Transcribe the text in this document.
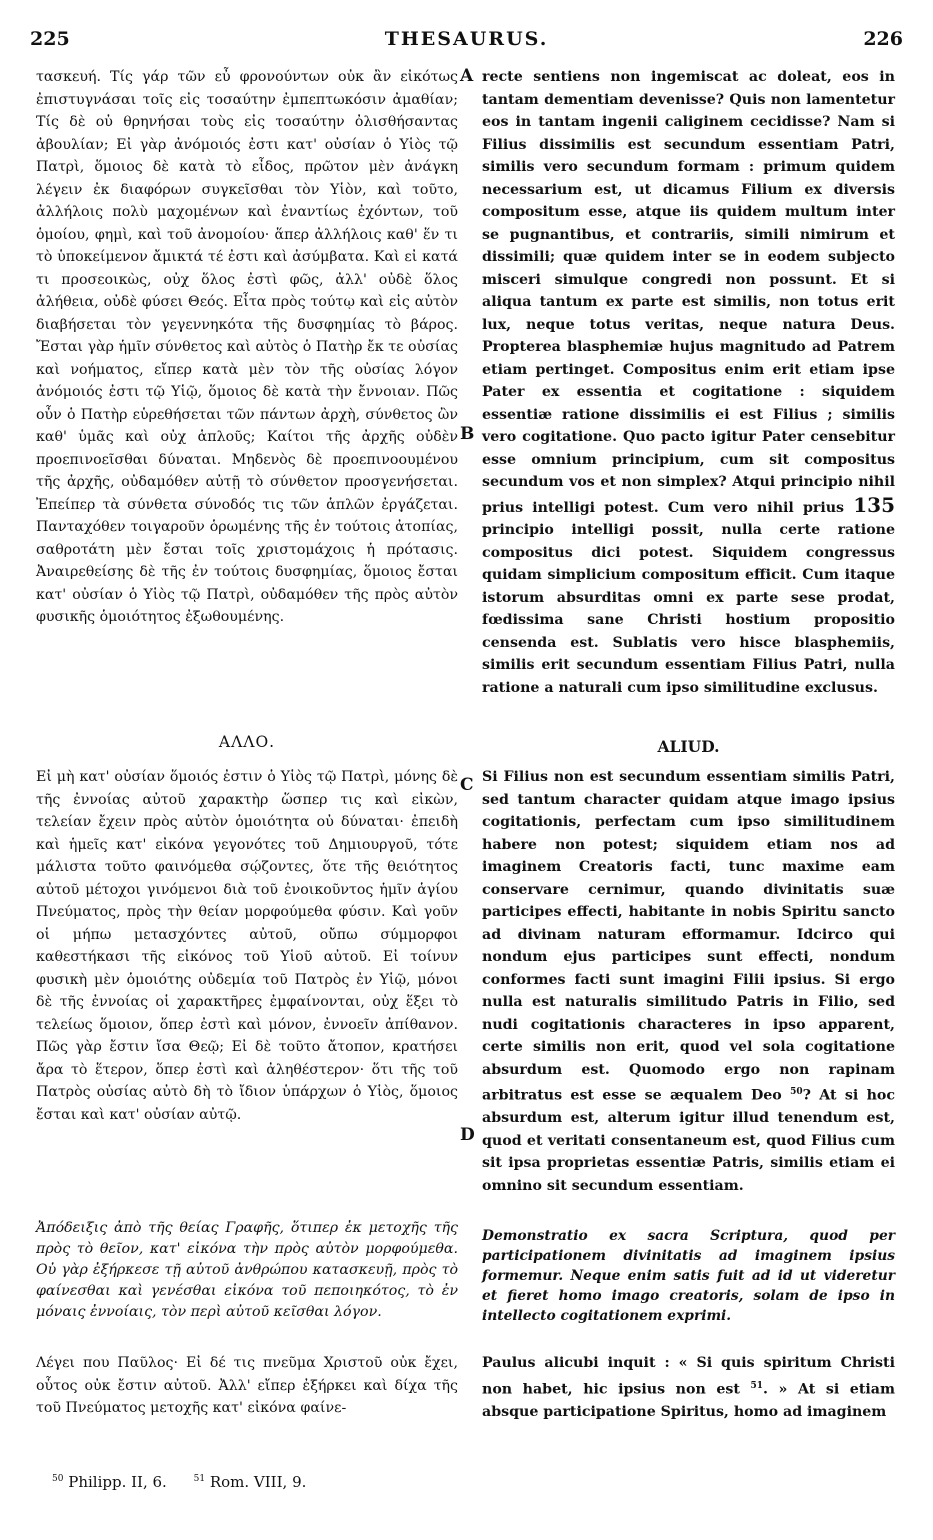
225	THESAURUS.	226
A
B
C
D

τασκευή. Τίς γάρ τῶν εὖ φρονούντων οὐκ ἂν εἰκότως ἐπιστυγνάσαι τοῖς εἰς τοσαύτην ἐμπεπτωκόσιν ἀμαθίαν; Τίς δὲ οὐ θρηνήσαι τοὺς εἰς τοσαύτην ὀλισθήσαντας ἀβουλίαν; Εἰ γὰρ ἀνόμοιός ἐστι κατ' οὐσίαν ὁ Υἱὸς τῷ Πατρὶ, ὅμοιος δὲ κατὰ τὸ εἶδος, πρῶτον μὲν ἀνάγκη λέγειν ἐκ διαφόρων συγκεῖσθαι τὸν Υἱὸν, καὶ τοῦτο, ἀλλήλοις πολὺ μαχομένων καὶ ἐναντίως ἐχόντων, τοῦ ὁμοίου, φημὶ, καὶ τοῦ ἀνομοίου· ἅπερ ἀλλήλοις καθ' ἕν τι τὸ ὑποκείμενον ἄμικτά τέ ἐστι καὶ ἀσύμβατα. Καὶ εἰ κατά τι προσεοικὼς, οὐχ ὅλος ἐστὶ φῶς, ἀλλ' οὐδὲ ὅλος ἀλήθεια, οὐδὲ φύσει Θεός. Εἶτα πρὸς τούτῳ καὶ εἰς αὐτὸν διαβήσεται τὸν γεγεννηκότα τῆς δυσφημίας τὸ βάρος. Ἔσται γὰρ ἡμῖν σύνθετος καὶ αὐτὸς ὁ Πατὴρ ἔκ τε οὐσίας καὶ νοήματος, εἴπερ κατὰ μὲν τὸν τῆς οὐσίας λόγον ἀνόμοιός ἐστι τῷ Υἱῷ, ὅμοιος δὲ κατὰ τὴν ἔννοιαν. Πῶς οὖν ὁ Πατὴρ εὑρεθήσεται τῶν πάντων ἀρχὴ, σύνθετος ὢν καθ' ὑμᾶς καὶ οὐχ ἁπλοῦς; Καίτοι τῆς ἀρχῆς οὐδὲν προεπινοεῖσθαι δύναται. Μηδενὸς δὲ προεπινοουμένου τῆς ἀρχῆς, οὐδαμόθεν αὐτῇ τὸ σύνθετον προσγενήσεται. Ἐπείπερ τὰ σύνθετα σύνοδός τις τῶν ἁπλῶν ἐργάζεται. Πανταχόθεν τοιγαροῦν ὁρωμένης τῆς ἐν τούτοις ἀτοπίας, σαθροτάτη μὲν ἔσται τοῖς χριστομάχοις ἡ πρότασις. Ἀναιρεθείσης δὲ τῆς ἐν τούτοις δυσφημίας, ὅμοιος ἔσται κατ' οὐσίαν ὁ Υἱὸς τῷ Πατρὶ, οὐδαμόθεν τῆς πρὸς αὐτὸν φυσικῆς ὁμοιότητος ἐξωθουμένης.

ΑΛΛΟ.

Εἰ μὴ κατ' οὐσίαν ὅμοιός ἐστιν ὁ Υἱὸς τῷ Πατρὶ, μόνης δὲ τῆς ἐννοίας αὐτοῦ χαρακτὴρ ὥσπερ τις καὶ εἰκὼν, τελείαν ἔχειν πρὸς αὐτὸν ὁμοιότητα οὐ δύναται· ἐπειδὴ καὶ ἡμεῖς κατ' εἰκόνα γεγονότες τοῦ Δημιουργοῦ, τότε μάλιστα τοῦτο φαινόμεθα σῴζοντες, ὅτε τῆς θειότητος αὐτοῦ μέτοχοι γινόμενοι διὰ τοῦ ἐνοικοῦντος ἡμῖν ἁγίου Πνεύματος, πρὸς τὴν θείαν μορφούμεθα φύσιν. Καὶ γοῦν οἱ μήπω μετασχόντες αὐτοῦ, οὔπω σύμμορφοι καθεστήκασι τῆς εἰκόνος τοῦ Υἱοῦ αὐτοῦ. Εἰ τοίνυν φυσικὴ μὲν ὁμοιότης οὐδεμία τοῦ Πατρὸς ἐν Υἱῷ, μόνοι δὲ τῆς ἐννοίας οἱ χαρακτῆρες ἐμφαίνονται, οὐχ ἕξει τὸ τελείως ὅμοιον, ὅπερ ἐστὶ καὶ μόνον, ἐννοεῖν ἀπίθανον. Πῶς γὰρ ἔστιν ἴσα Θεῷ; Εἰ δὲ τοῦτο ἄτοπον, κρατήσει ἄρα τὸ ἕτερον, ὅπερ ἐστὶ καὶ ἀληθέστερον· ὅτι τῆς τοῦ Πατρὸς οὐσίας αὐτὸ δὴ τὸ ἴδιον ὑπάρχων ὁ Υἱὸς, ὅμοιος ἔσται καὶ κατ' οὐσίαν αὐτῷ.

Ἀπόδειξις ἀπὸ τῆς θείας Γραφῆς, ὅτιπερ ἐκ μετοχῆς τῆς πρὸς τὸ θεῖον, κατ' εἰκόνα τὴν πρὸς αὐτὸν μορφούμεθα. Οὐ γὰρ ἐξήρκεσε τῇ αὐτοῦ ἀνθρώπου κατασκευῇ, πρὸς τὸ φαίνεσθαι καὶ γενέσθαι εἰκόνα τοῦ πεποιηκότος, τὸ ἐν μόναις ἐννοίαις, τὸν περὶ αὐτοῦ κεῖσθαι λόγον.

Λέγει που Παῦλος· Εἰ δέ τις πνεῦμα Χριστοῦ οὐκ ἔχει, οὗτος οὐκ ἔστιν αὐτοῦ. Ἀλλ' εἴπερ ἐξήρκει καὶ δίχα τῆς τοῦ Πνεύματος μετοχῆς κατ' εἰκόνα φαίνε-

recte sentiens non ingemiscat ac doleat, eos in tantam dementiam devenisse? Quis non lamentetur eos in tantam ingenii caliginem cecidisse? Nam si Filius dissimilis est secundum essentiam Patri, similis vero secundum formam : primum quidem necessarium est, ut dicamus Filium ex diversis compositum esse, atque iis quidem multum inter se pugnantibus, et contrariis, simili nimirum et dissimili; quæ quidem inter se in eodem subjecto misceri simulque congredi non possunt. Et si aliqua tantum ex parte est similis, non totus erit lux, neque totus veritas, neque natura Deus. Propterea blasphemiæ hujus magnitudo ad Patrem etiam pertinget. Compositus enim erit etiam ipse Pater ex essentia et cogitatione : siquidem essentiæ ratione dissimilis ei est Filius ; similis vero cogitatione. Quo pacto igitur Pater censebitur esse omnium principium, cum sit compositus secundum vos et non simplex? Atqui principio nihil prius intelligi potest. Cum vero nihil prius 135 principio intelligi possit, nulla certe ratione compositus dici potest. Siquidem congressus quidam simplicium compositum efficit. Cum itaque istorum absurditas omni ex parte sese prodat, fœdissima sane Christi hostium propositio censenda est. Sublatis vero hisce blasphemiis, similis erit secundum essentiam Filius Patri, nulla ratione a naturali cum ipso similitudine exclusus.

ALIUD.

Si Filius non est secundum essentiam similis Patri, sed tantum character quidam atque imago ipsius cogitationis, perfectam cum ipso similitudinem habere non potest; siquidem etiam nos ad imaginem Creatoris facti, tunc maxime eam conservare cernimur, quando divinitatis suæ participes effecti, habitante in nobis Spiritu sancto ad divinam naturam efformamur. Idcirco qui nondum ejus participes sunt effecti, nondum conformes facti sunt imagini Filii ipsius. Si ergo nulla est naturalis similitudo Patris in Filio, sed nudi cogitationis characteres in ipso apparent, certe similis non erit, quod vel sola cogitatione absurdum est. Quomodo ergo non rapinam arbitratus est esse se æqualem Deo $^{50}$? At si hoc absurdum est, alterum igitur illud tenendum est, quod et veritati consentaneum est, quod Filius cum sit ipsa proprietas essentiæ Patris, similis etiam ei omnino sit secundum essentiam.

Demonstratio ex sacra Scriptura, quod per participationem divinitatis ad imaginem ipsius formemur. Neque enim satis fuit ad id ut videretur et fieret homo imago creatoris, solam de ipso in intellecto cogitationem exprimi.

Paulus alicubi inquit : « Si quis spiritum Christi non habet, hic ipsius non est $^{51}$. » At si etiam absque participatione Spiritus, homo ad imaginem

$^{50}$ Philipp. II, 6.	$^{51}$ Rom. VIII, 9.
